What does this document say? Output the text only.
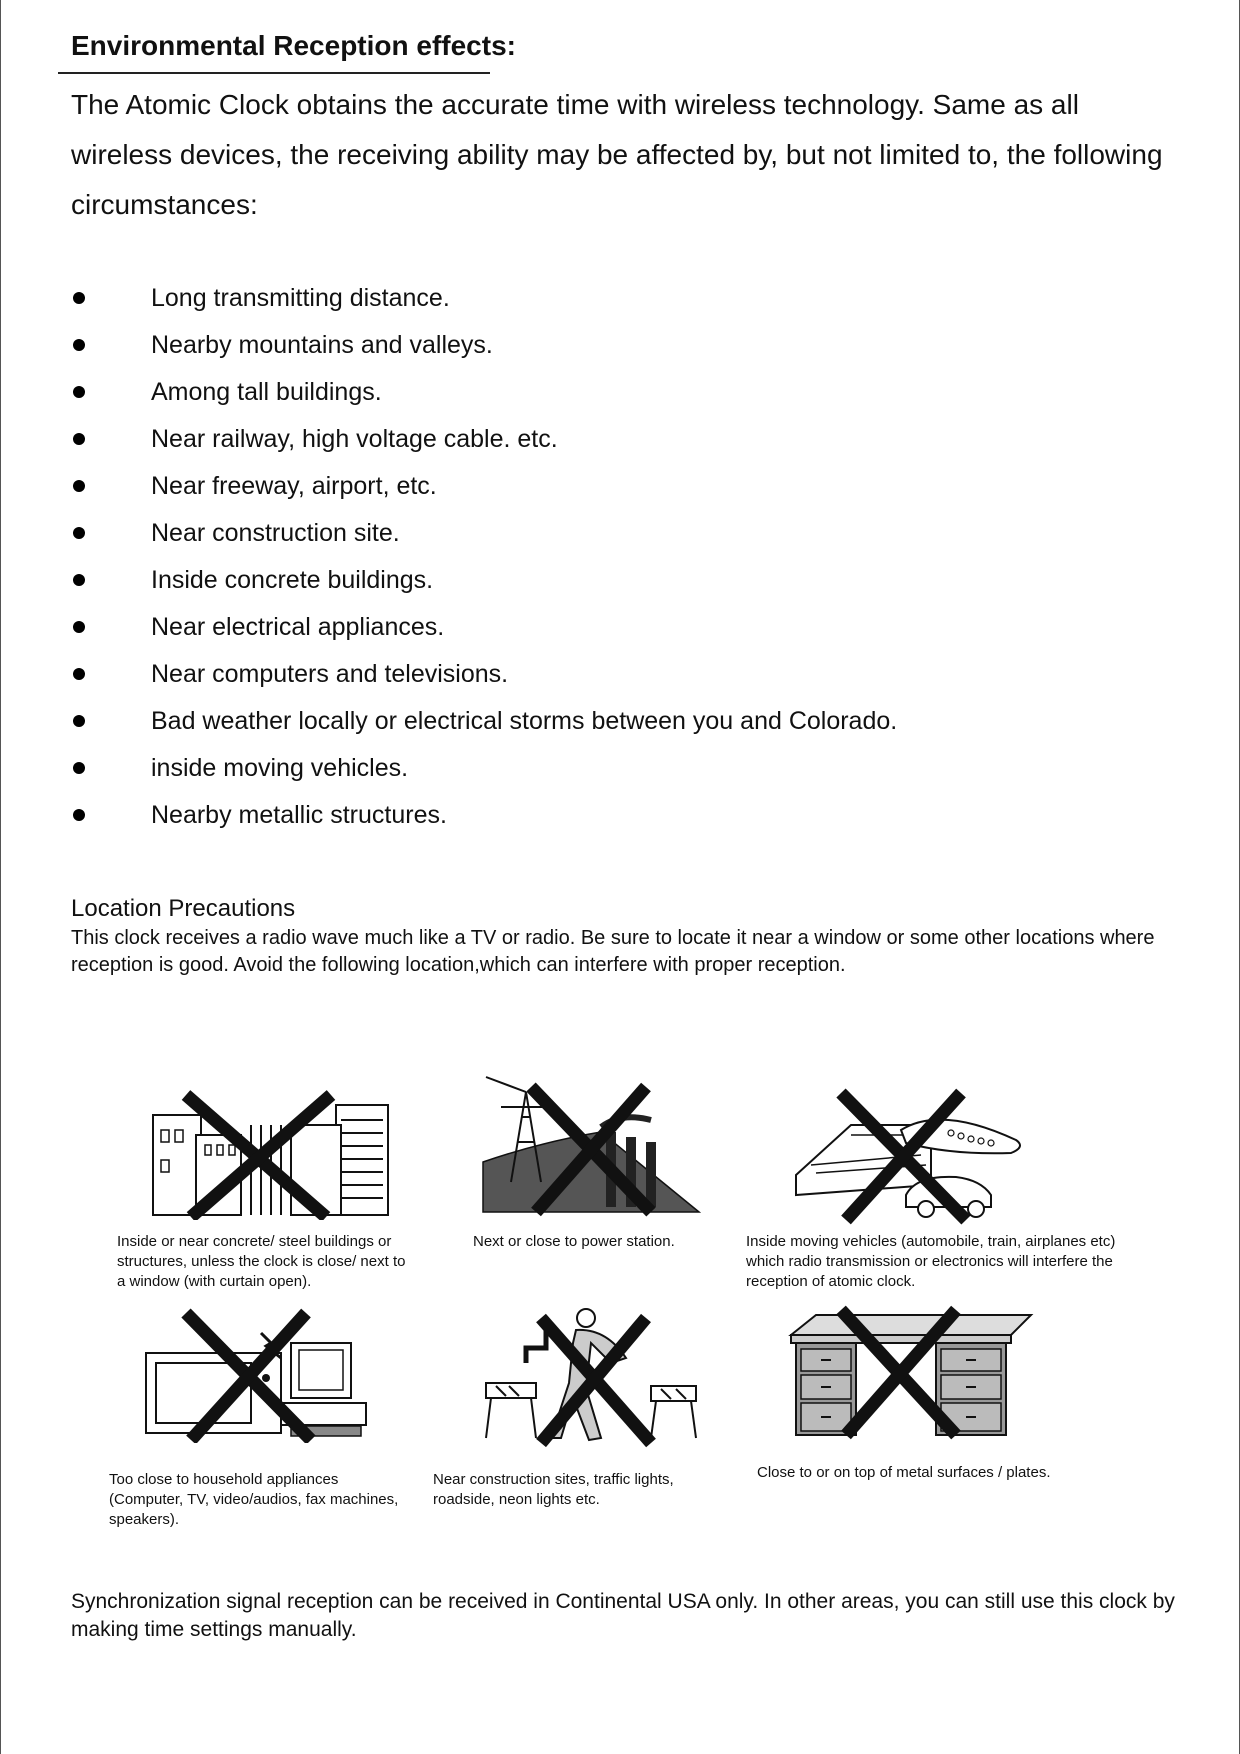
Environmental Reception effects:

The Atomic Clock obtains the accurate time with wireless technology. Same as all wireless devices, the receiving ability may be affected by, but not limited to, the following circumstances:

Long transmitting distance.
Nearby mountains and valleys.
Among tall buildings.
Near railway, high voltage cable. etc.
Near freeway, airport, etc.
Near construction site.
Inside concrete buildings.
Near electrical appliances.
Near computers and televisions.
Bad weather locally or electrical storms between you and Colorado.
inside moving vehicles.
Nearby metallic structures.
Location Precautions

This clock receives a radio wave much like a TV or radio. Be sure to locate it near a window or some other locations where reception is good. Avoid the following location,which can interfere with proper reception.

Inside or near concrete/ steel buildings or structures, unless the clock is close/ next to a window (with curtain open).
Next or close to power station.	Inside moving vehicles (automobile, train, airplanes etc) which radio transmission or electronics will interfere the reception of atomic clock.
Too close to household appliances (Computer, TV, video/audios, fax machines, speakers).
Near construction sites, traffic lights, roadside, neon lights etc.
Close to or on top of metal surfaces / plates.

Synchronization signal reception can be received in Continental USA only. In other areas, you can still use this clock by making time settings manually.
